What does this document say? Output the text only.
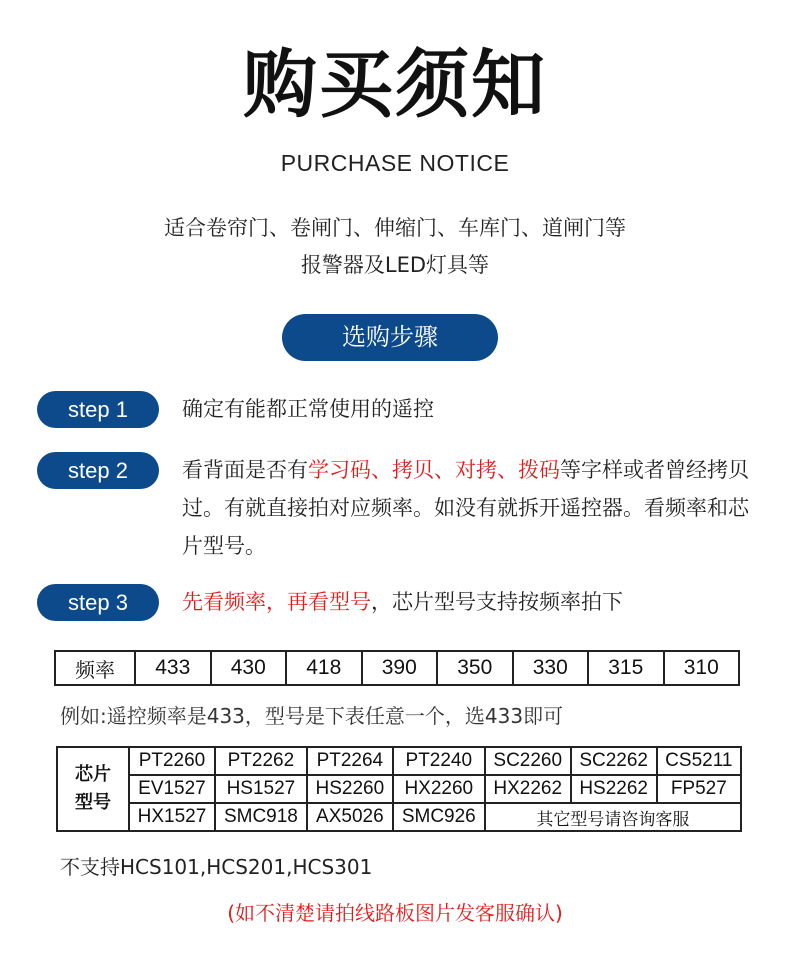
购买须知
PURCHASE NOTICE
适合卷帘门、卷闸门、伸缩门、车库门、道闸门等
报警器及LED灯具等
选购步骤
step 1	确定有能都正常使用的遥控
step 2	看背面是否有学习码、拷贝、对拷、拨码等字样或者曾经拷贝过。有就直接拍对应频率。如没有就拆开遥控器。看频率和芯片型号。
step 3	先看频率，再看型号，芯片型号支持按频率拍下
频率	433	430	418	390	350	330	315	310
例如:遥控频率是433，型号是下表任意一个，选433即可
芯片
型号	PT2260	PT2262	PT2264	PT2240	SC2260	SC2262	CS5211
	EV1527	HS1527	HS2260	HX2260	HX2262	HS2262	FP527
	HX1527	SMC918	AX5026	SMC926	其它型号请咨询客服		
不支持HCS101,HCS201,HCS301
(如不清楚请拍线路板图片发客服确认)
